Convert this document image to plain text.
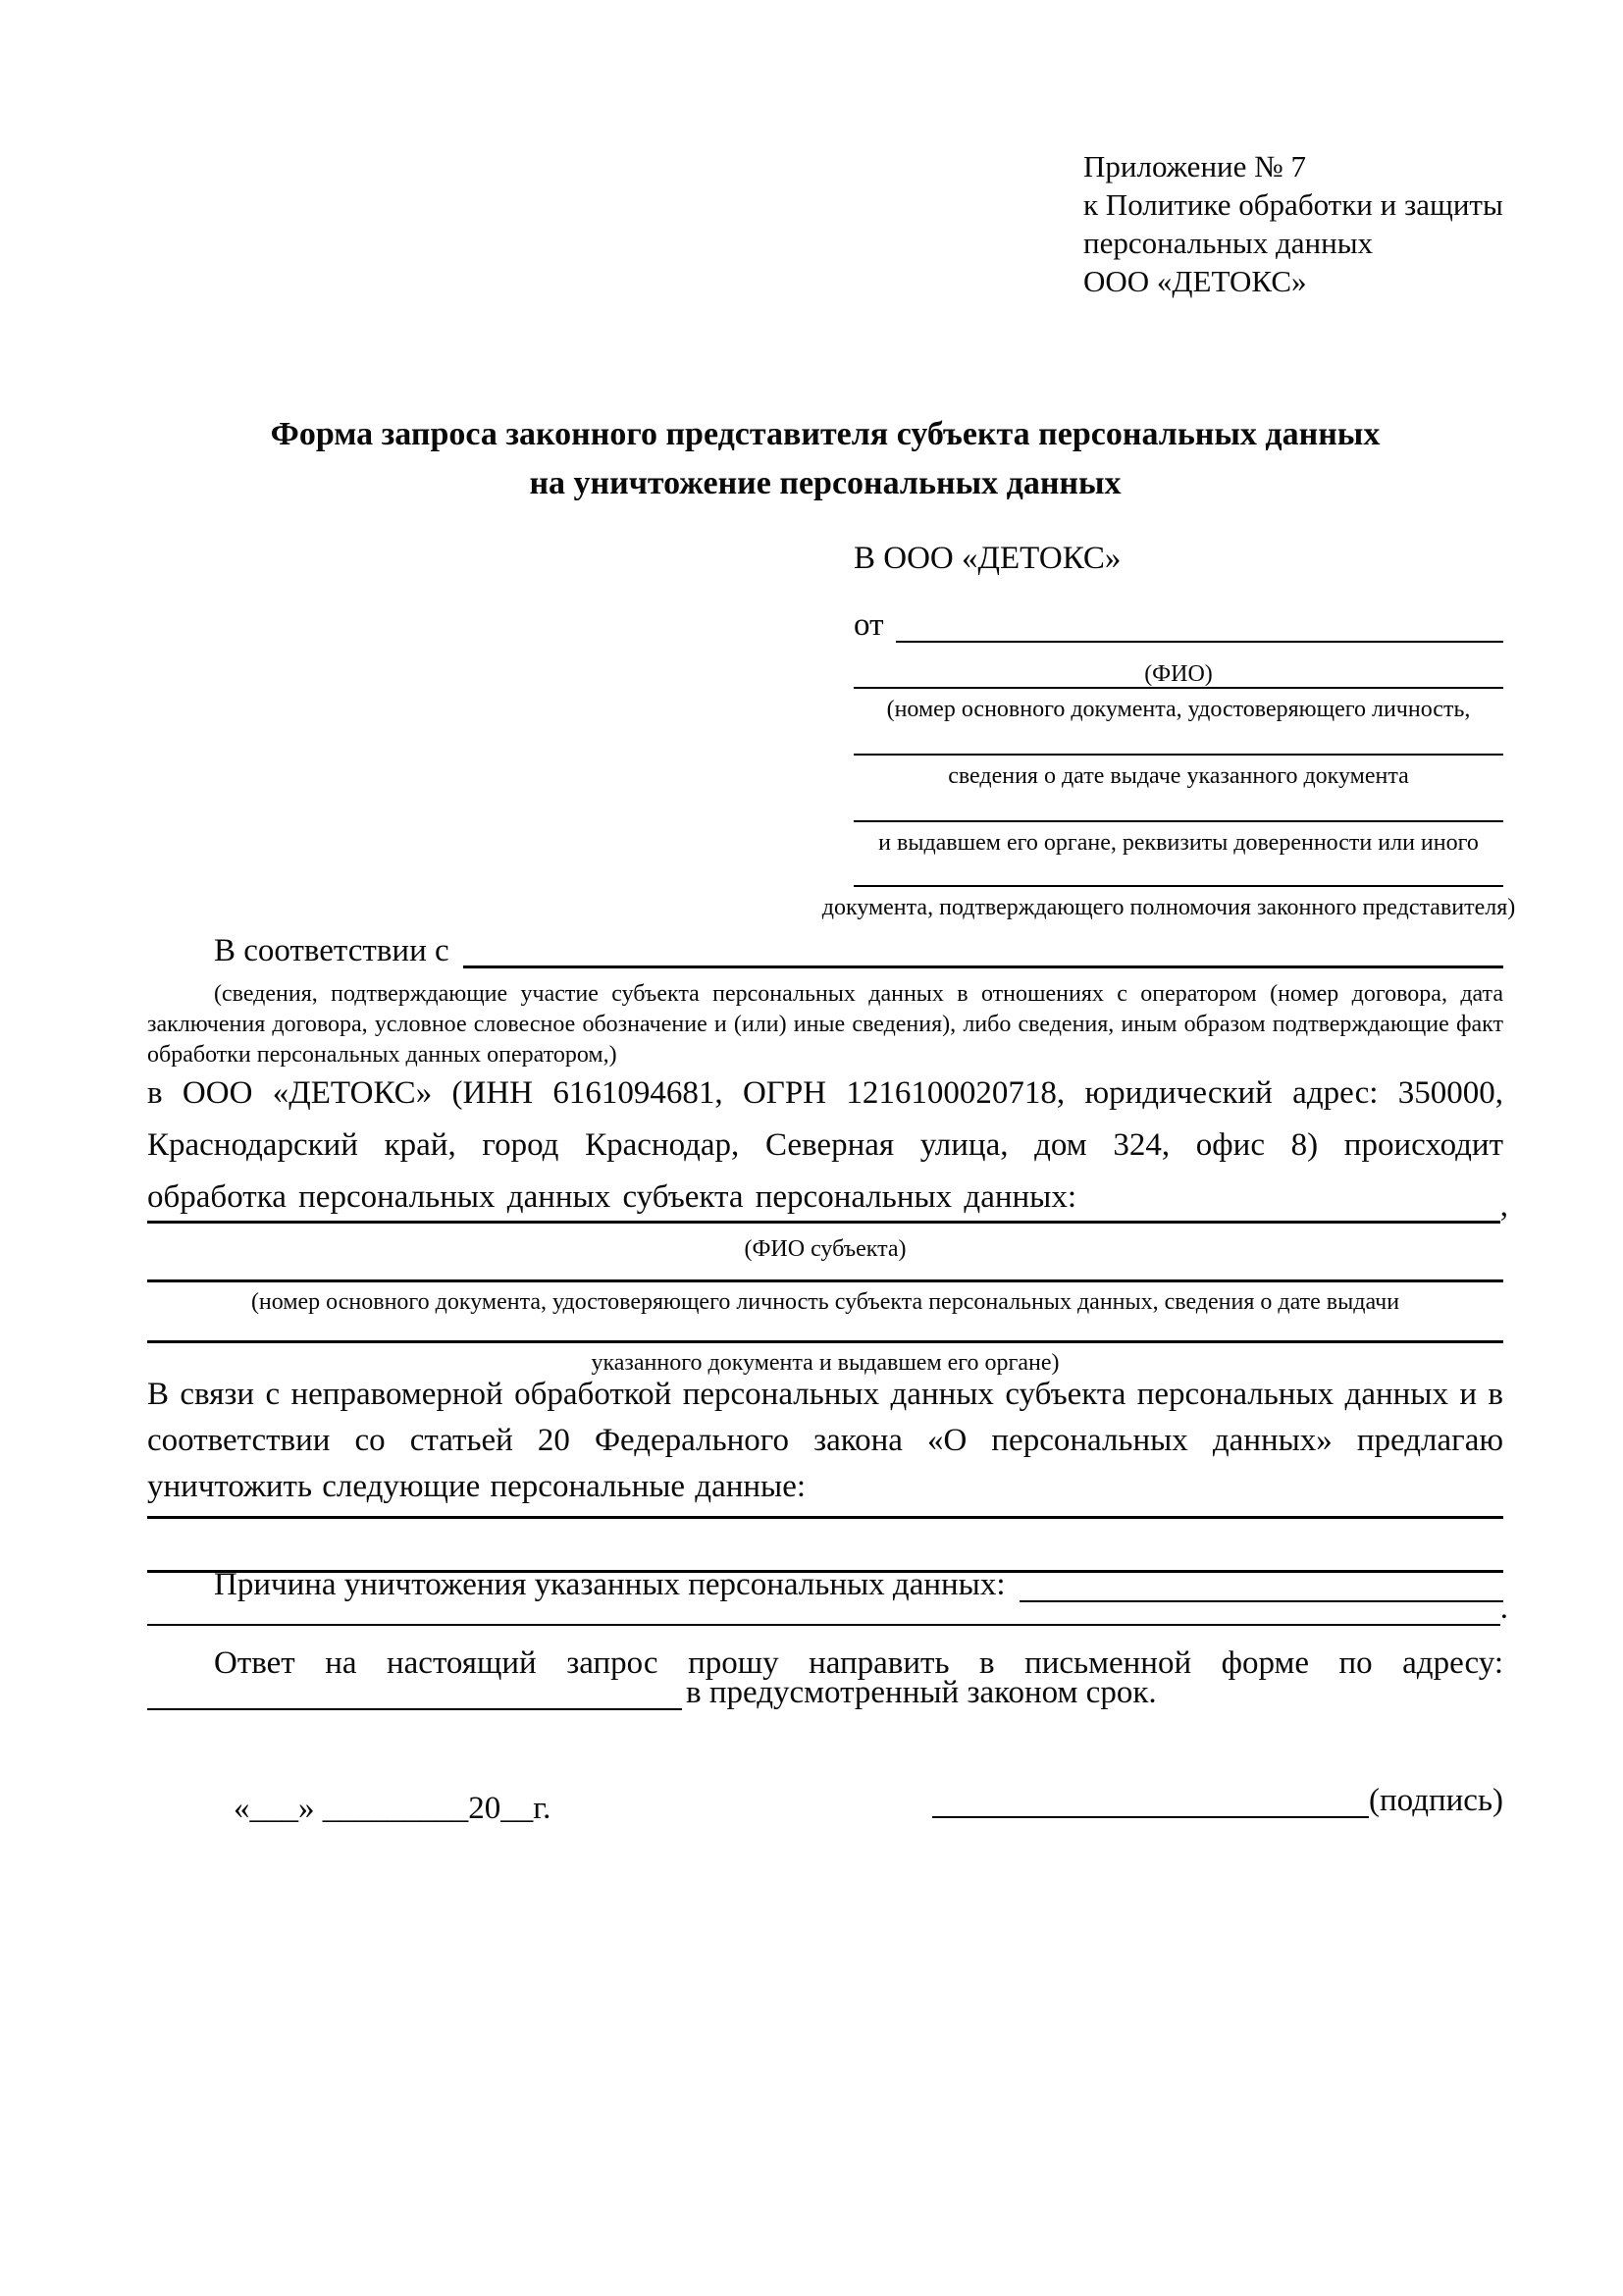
Приложение № 7
к Политике обработки и защиты
персональных данных
ООО «ДЕТОКС»
Форма запроса законного представителя субъекта персональных данных
на уничтожение персональных данных
В ООО «ДЕТОКС»
от
(ФИО)
(номер основного документа, удостоверяющего личность,
сведения о дате выдаче указанного документа
и выдавшем его органе, реквизиты доверенности или иного
документа, подтверждающего полномочия законного представителя)
В соответствии с
(сведения, подтверждающие участие субъекта персональных данных в отношениях с оператором (номер договора, дата заключения договора, условное словесное обозначение и (или) иные сведения), либо сведения, иным образом подтверждающие факт обработки персональных данных оператором,)
в ООО «ДЕТОКС» (ИНН 6161094681, ОГРН 1216100020718, юридический адрес: 350000, Краснодарский край, город Краснодар, Северная улица, дом 324, офис 8) происходит обработка персональных данных субъекта персональных данных:	,
(ФИО субъекта)
(номер основного документа, удостоверяющего личность субъекта персональных данных, сведения о дате выдачи
указанного документа и выдавшем его органе)
В связи с неправомерной обработкой персональных данных субъекта персональных данных и в соответствии со статьей 20 Федерального закона «О персональных данных» предлагаю уничтожить следующие персональные данные:
Причина уничтожения указанных персональных данных:
.
Ответ на настоящий запрос прошу направить в письменной форме по адресу:
в предусмотренный законом срок.
«___» _________20__г.	(подпись)
